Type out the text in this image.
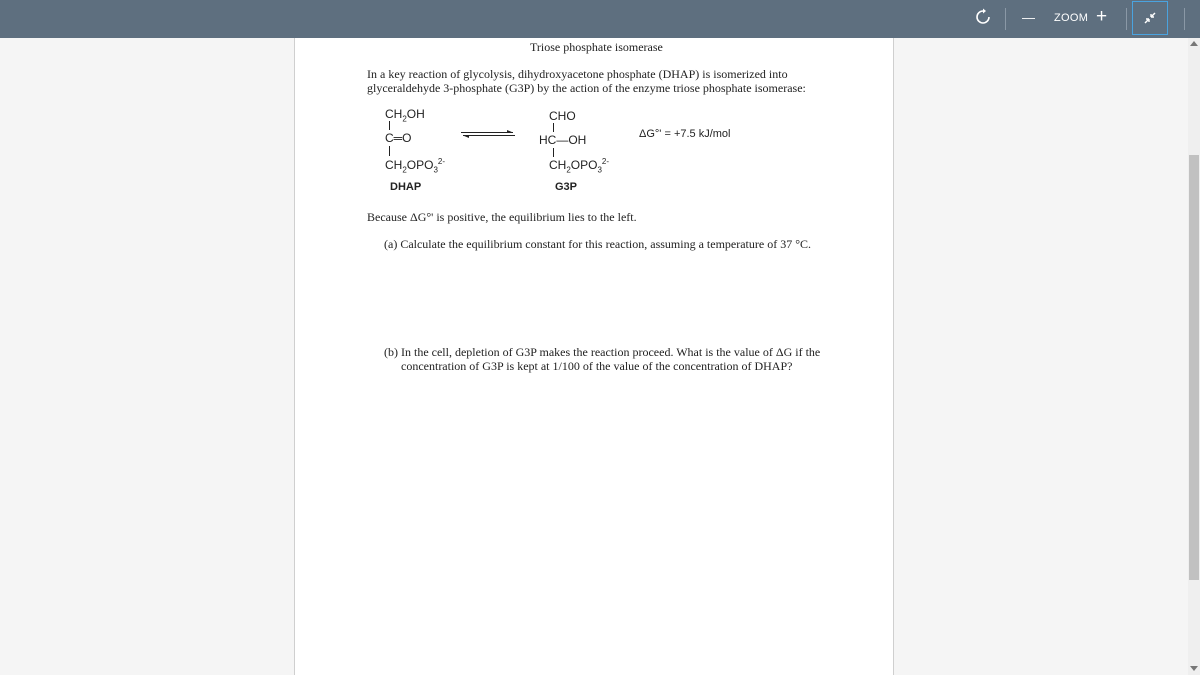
— ZOOM +
Triose phosphate isomerase
In a key reaction of glycolysis, dihydroxyacetone phosphate (DHAP) is isomerized into
glyceraldehyde 3-phosphate (G3P) by the action of the enzyme triose phosphate isomerase:
$CH_2OH$
C═O
$CH_2OPO_3^{2-}$
DHAP
CHO
HC—OH
$CH_2OPO_3^{2-}$
G3P
ΔG°' = +7.5 kJ/mol
Because ΔG°' is positive, the equilibrium lies to the left.
(a) Calculate the equilibrium constant for this reaction, assuming a temperature of 37 °C.
(b) In the cell, depletion of G3P makes the reaction proceed. What is the value of ΔG if the
concentration of G3P is kept at 1/100 of the value of the concentration of DHAP?
